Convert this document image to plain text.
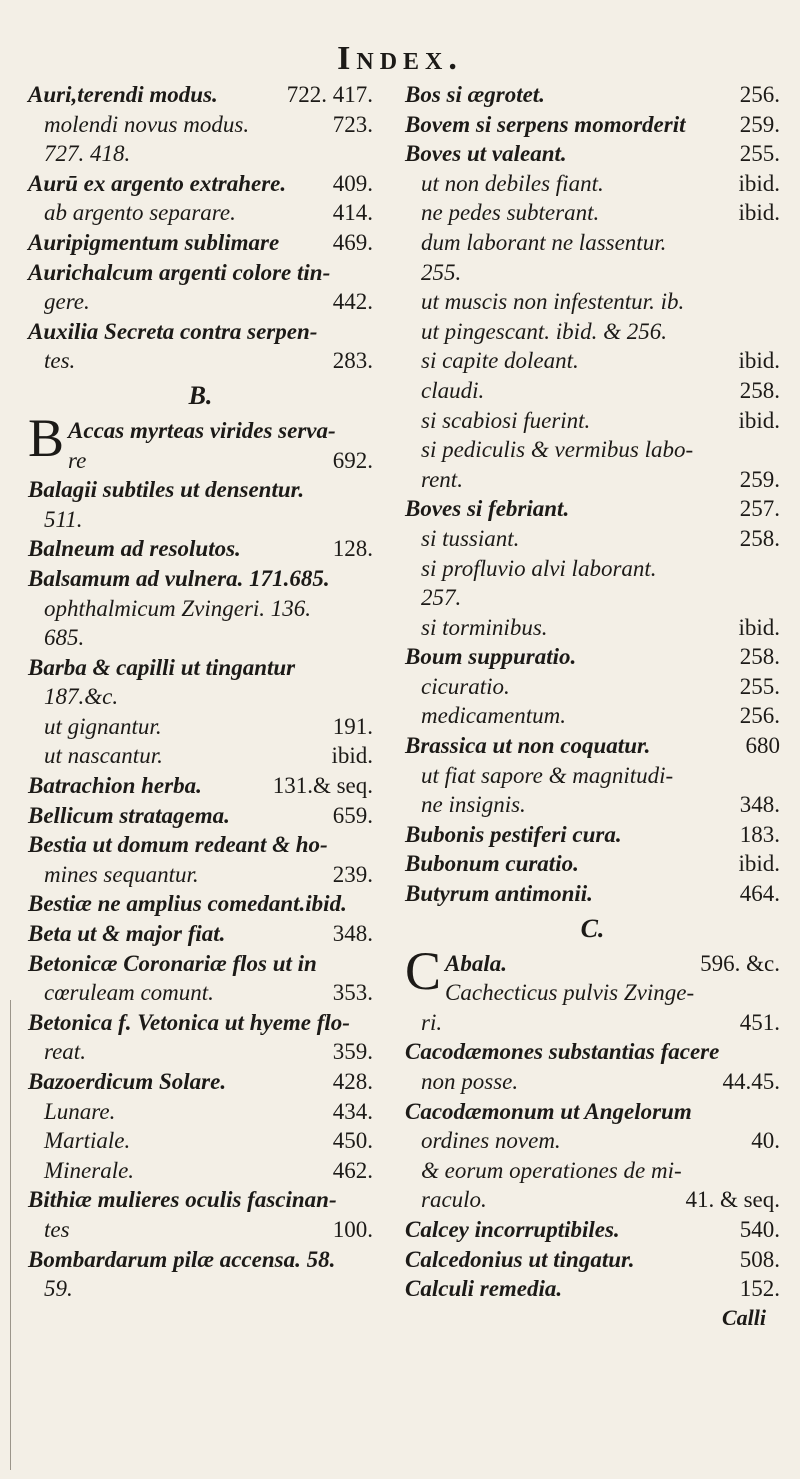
Index.
722. 417.
Auri,terendi modus.
723.
molendi novus modus.
727. 418.
409.
Aurū ex argento extrahere.
414.
ab argento separare.
469.
Auripigmentum sublimare
Aurichalcum argenti colore tin-
442.
gere.
Auxilia Secreta contra serpen-
283.
tes.
B.
B Accas myrteas virides serva-
692.
re
Balagii subtiles ut densentur.
511.
128.
Balneum ad resolutos.
Balsamum ad vulnera. 171.685.
ophthalmicum Zvingeri. 136.
685.
Barba & capilli ut tingantur
187.&c.
191.
ut gignantur.
ibid.
ut nascantur.
131.& seq.
Batrachion herba.
659.
Bellicum stratagema.
Bestia ut domum redeant & ho-
239.
mines sequantur.
Bestiæ ne amplius comedant.ibid.
348.
Beta ut & major fiat.
Betonicæ Coronariæ flos ut in
353.
cœruleam comunt.
Betonica f. Vetonica ut hyeme flo-
359.
reat.
428.
Bazoerdicum Solare.
434.
Lunare.
450.
Martiale.
462.
Minerale.
Bithiæ mulieres oculis fascinan-
100.
tes
Bombardarum pilæ accensa. 58.
59.
256.
Bos si ægrotet.
259.
Bovem si serpens momorderit
255.
Boves ut valeant.
ibid.
ut non debiles fiant.
ibid.
ne pedes subterant.
dum laborant ne lassentur.
255.
ut muscis non infestentur. ib.
ut pingescant. ibid. & 256.
ibid.
si capite doleant.
258.
claudi.
ibid.
si scabiosi fuerint.
si pediculis & vermibus labo-
259.
rent.
257.
Boves si febriant.
258.
si tussiant.
si profluvio alvi laborant.
257.
ibid.
si torminibus.
258.
Boum suppuratio.
255.
cicuratio.
256.
medicamentum.
680
Brassica ut non coquatur.
ut fiat sapore & magnitudi-
348.
ne insignis.
183.
Bubonis pestiferi cura.
ibid.
Bubonum curatio.
464.
Butyrum antimonii.
C.
C	596. &c.
Abala.
Cachecticus pulvis Zvinge-
451.
ri.
Cacodæmones substantias facere
44.45.
non posse.
Cacodæmonum ut Angelorum
40.
ordines novem.
& eorum operationes de mi-
41. & seq.
raculo.
540.
Calcey incorruptibiles.
508.
Calcedonius ut tingatur.
152.
Calculi remedia.
Calli
